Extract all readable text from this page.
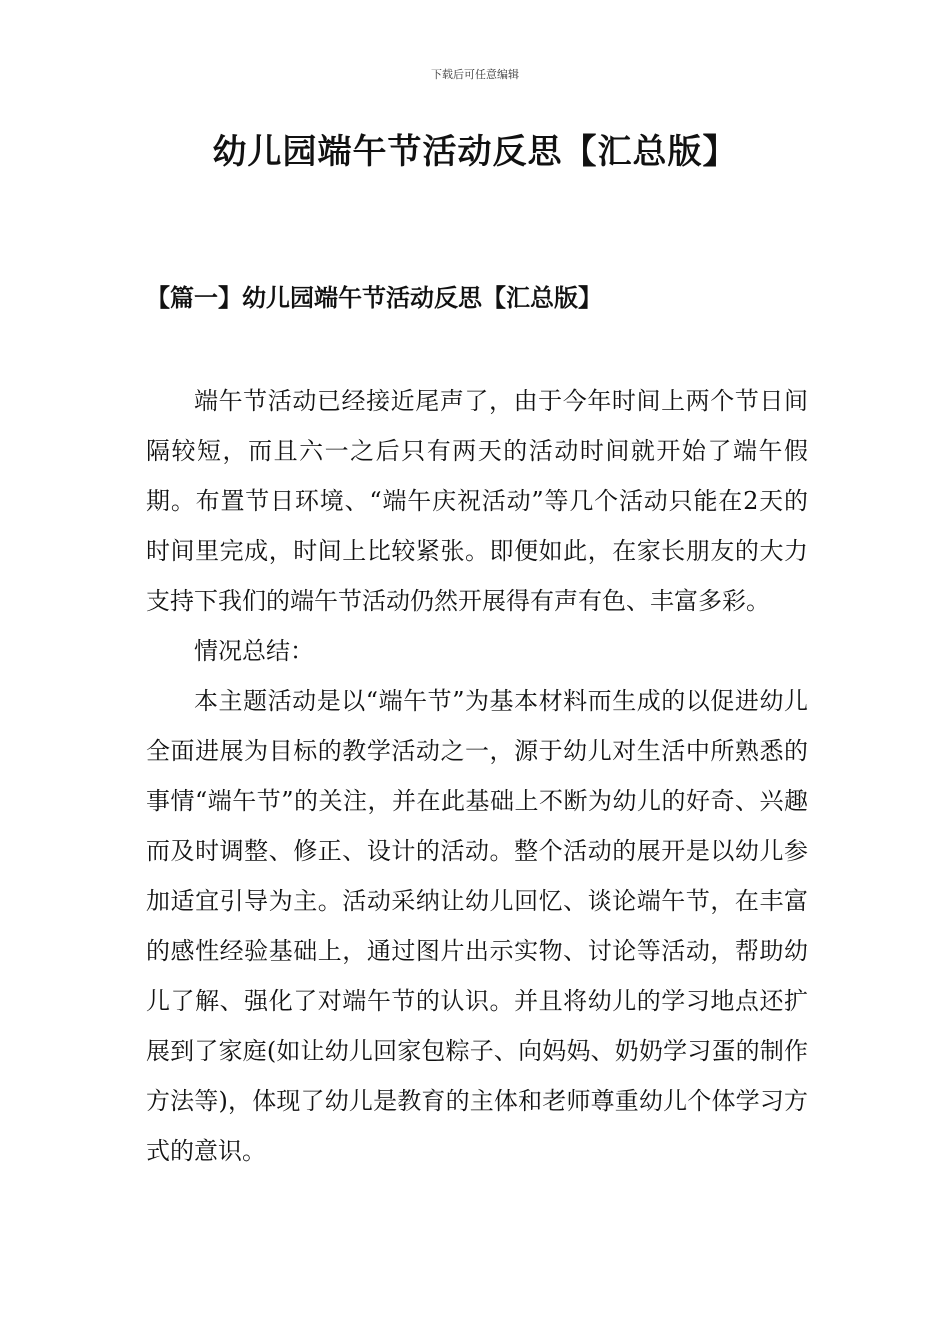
下载后可任意编辑
幼儿园端午节活动反思【汇总版】
【篇一】幼儿园端午节活动反思【汇总版】

端午节活动已经接近尾声了，由于今年时间上两个节日间隔较短，而且六一之后只有两天的活动时间就开始了端午假期。布置节日环境、“端午庆祝活动”等几个活动只能在2天的时间里完成，时间上比较紧张。即便如此，在家长朋友的大力支持下我们的端午节活动仍然开展得有声有色、丰富多彩。

情况总结：

本主题活动是以“端午节”为基本材料而生成的以促进幼儿全面进展为目标的教学活动之一，源于幼儿对生活中所熟悉的事情“端午节”的关注，并在此基础上不断为幼儿的好奇、兴趣而及时调整、修正、设计的活动。整个活动的展开是以幼儿参加适宜引导为主。活动采纳让幼儿回忆、谈论端午节，在丰富的感性经验基础上，通过图片出示实物、讨论等活动，帮助幼儿了解、强化了对端午节的认识。并且将幼儿的学习地点还扩展到了家庭(如让幼儿回家包粽子、向妈妈、奶奶学习蛋的制作方法等)，体现了幼儿是教育的主体和老师尊重幼儿个体学习方式的意识。
